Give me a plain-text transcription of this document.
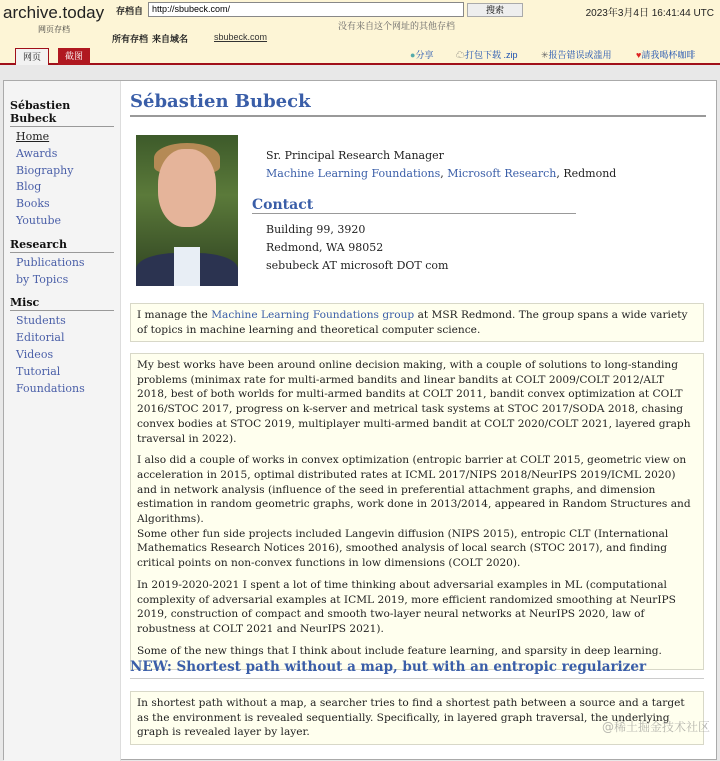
archive.today
网页存档
存档自 http://sbubeck.com/	搜索	2023年3月4日 16:41:44 UTC
没有来自这个网址的其他存档
所有存档 来自域名	sbubeck.com
网页	截图	●分享	☁打包下载 .zip	✳报告错误或滥用	♥請我喝杯咖啡
Sébastien Bubeck
Home
Awards
Biography
Blog
Books
Youtube
Research
Publications
by Topics
Misc
Students
Editorial
Videos
Tutorial
Foundations
Sébastien Bubeck
Sr. Principal Research Manager
Machine Learning Foundations, Microsoft Research, Redmond
Contact
Building 99, 3920
Redmond, WA 98052
sebubeck AT microsoft DOT com
I manage the Machine Learning Foundations group at MSR Redmond. The group spans a wide variety of topics in machine learning and theoretical computer science.

My best works have been around online decision making, with a couple of solutions to long-standing problems (minimax rate for multi-armed bandits and linear bandits at COLT 2009/COLT 2012/ALT 2018, best of both worlds for multi-armed bandits at COLT 2011, bandit convex optimization at COLT 2016/STOC 2017, progress on k-server and metrical task systems at STOC 2017/SODA 2018, chasing convex bodies at STOC 2019, multiplayer multi-armed bandit at COLT 2020/COLT 2021, layered graph traversal in 2022).

I also did a couple of works in convex optimization (entropic barrier at COLT 2015, geometric view on acceleration in 2015, optimal distributed rates at ICML 2017/NIPS 2018/NeurIPS 2019/ICML 2020) and in network analysis (influence of the seed in preferential attachment graphs, and dimension estimation in random geometric graphs, work done in 2013/2014, appeared in Random Structures and Algorithms).

Some other fun side projects included Langevin diffusion (NIPS 2015), entropic CLT (International Mathematics Research Notices 2016), smoothed analysis of local search (STOC 2017), and finding critical points on non-convex functions in low dimensions (COLT 2020).

In 2019-2020-2021 I spent a lot of time thinking about adversarial examples in ML (computational complexity of adversarial examples at ICML 2019, more efficient randomized smoothing at NeurIPS 2019, construction of compact and smooth two-layer neural networks at NeurIPS 2020, law of robustness at COLT 2021 and NeurIPS 2021).

Some of the new things that I think about include feature learning, and sparsity in deep learning.

NEW: Shortest path without a map, but with an entropic regularizer
In shortest path without a map, a searcher tries to find a shortest path between a source and a target as the environment is revealed sequentially. Specifically, in layered graph traversal, the underlying graph is revealed layer by layer.	@稀土掘金技术社区
